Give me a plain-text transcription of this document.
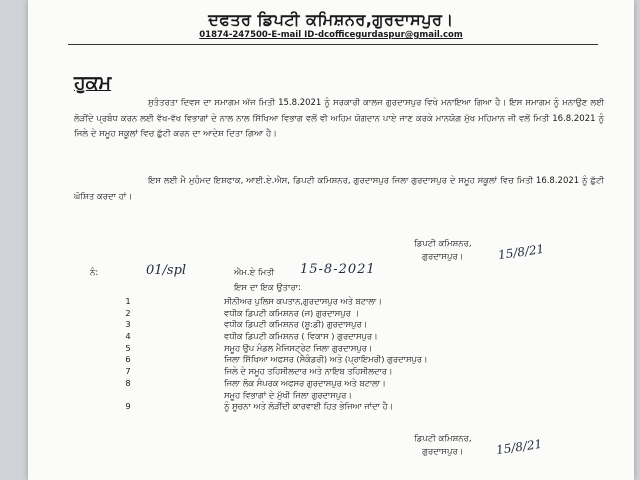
ਦਫਤਰ ਡਿਪਟੀ ਕਮਿਸ਼ਨਰ,ਗੁਰਦਾਸਪੁਰ।
01874-247500-E-mail ID-dcofficegurdaspur@gmail.com
ਹੁਕਮ
ਸੁਤੰਤਰਤਾ ਦਿਵਸ ਦਾ ਸਮਾਗਮ ਅੱਜ ਮਿਤੀ 15.8.2021 ਨੂੰ ਸਰਕਾਰੀ ਕਾਲਜ ਗੁਰਦਾਸਪੁਰ ਵਿਖੇ ਮਨਾਇਆ ਗਿਆ ਹੈ। ਇਸ ਸਮਾਗਮ ਨੂੰ ਮਨਾਉਣ ਲਈ ਲੋੜੀਂਦੇ ਪ੍ਰਬੰਧ ਕਰਨ ਲਈ ਵੱਖ-ਵੱਖ ਵਿਭਾਗਾਂ ਦੇ ਨਾਲ ਨਾਲ ਸਿੱਖਿਆ ਵਿਭਾਗ ਵਲੋਂ ਵੀ ਅਹਿਮ ਯੋਗਦਾਨ ਪਾਏ ਜਾਣ ਕਰਕੇ ਮਾਨਯੋਗ ਮੁੱਖ ਮਹਿਮਾਨ ਜੀ ਵਲੋਂ ਮਿਤੀ 16.8.2021 ਨੂੰ ਜਿਲੇ ਦੇ ਸਮੂਹ ਸਕੂਲਾਂ ਵਿਚ ਛੁੱਟੀ ਕਰਨ ਦਾ ਆਦੇਸ਼ ਦਿਤਾ ਗਿਆ ਹੈ।
ਇਸ ਲਈ ਮੈ ਮੁਹੰਮਦ ਇਸ਼ਫਾਕ, ਆਈ.ਏ.ਐਸ, ਡਿਪਟੀ ਕਮਿਸ਼ਨਰ, ਗੁਰਦਾਸਪੁਰ ਜਿਲਾ ਗੁਰਦਾਸਪੁਰ ਦੇ ਸਮੂਹ ਸਕੂਲਾਂ ਵਿਚ ਮਿਤੀ 16.8.2021 ਨੂੰ ਛੁੱਟੀ ਘੋਸ਼ਿਤ ਕਰਦਾ ਹਾਂ।
ਡਿਪਟੀ ਕਮਿਸ਼ਨਰ,
ਗੁਰਦਾਸਪੁਰ।	15/8/21
ਨੰ:	01/spl	ਐਮ.ਏ ਮਿਤੀ 15-8-2021
ਇਸ ਦਾ ਇਕ ਉਤਾਰਾ:
1	ਸੀਨੀਅਰ ਪੁਲਿਸ ਕਪਤਾਨ,ਗੁਰਦਾਸਪੁਰ ਅਤੇ ਬਟਾਲਾ।
2	ਵਧੀਕ ਡਿਪਟੀ ਕਮਿਸ਼ਨਰ (ਜ) ਗੁਰਦਾਸਪੁਰ ।
3	ਵਧੀਕ ਡਿਪਟੀ ਕਮਿਸ਼ਨਰ (ਸ਼ੂ:ਡੀ) ਗੁਰਦਾਸਪੁਰ।
4	ਵਧੀਕ ਡਿਪਟੀ ਕਮਿਸ਼ਨਰ ( ਵਿਕਾਸ ) ਗੁਰਦਾਸਪੁਰ।
5	ਸਮੂਹ ਉਪ ਮੰਡਲ ਮੈਜਿਸਟ੍ਰੇਟ ਜਿਲਾ ਗੁਰਦਾਸਪੁਰ।
6	ਜਿਲਾ ਸਿੱਖਿਆ ਅਫਸਰ (ਸੈਕੰਡਰੀ) ਅਤੇ (ਪ੍ਰਾਇਮਰੀ) ਗੁਰਦਾਸਪੁਰ।
7	ਜਿਲੇ ਦੇ ਸਮੂਹ ਤਹਿਸੀਲਦਾਰ ਅਤੇ ਨਾਇਬ ਤਹਿਸੀਲਦਾਰ।
8	ਜਿਲਾ ਲੋਕ ਸੰਪਰਕ ਅਫਸਰ ਗੁਰਦਾਸਪੁਰ ਅਤੇ ਬਟਾਲਾ।
ਸਮੂਹ ਵਿਭਾਗਾਂ ਦੇ ਮੁੱਖੀ ਜਿਲਾ ਗੁਰਦਾਸਪੁਰ।
9	ਨੂੰ ਸੂਚਨਾ ਅਤੇ ਲੋੜੀਂਦੀ ਕਾਰਵਾਈ ਹਿਤ ਭੇਜਿਆ ਜਾਂਦਾ ਹੈ।
ਡਿਪਟੀ ਕਮਿਸ਼ਨਰ,
ਗੁਰਦਾਸਪੁਰ।	15/8/21
